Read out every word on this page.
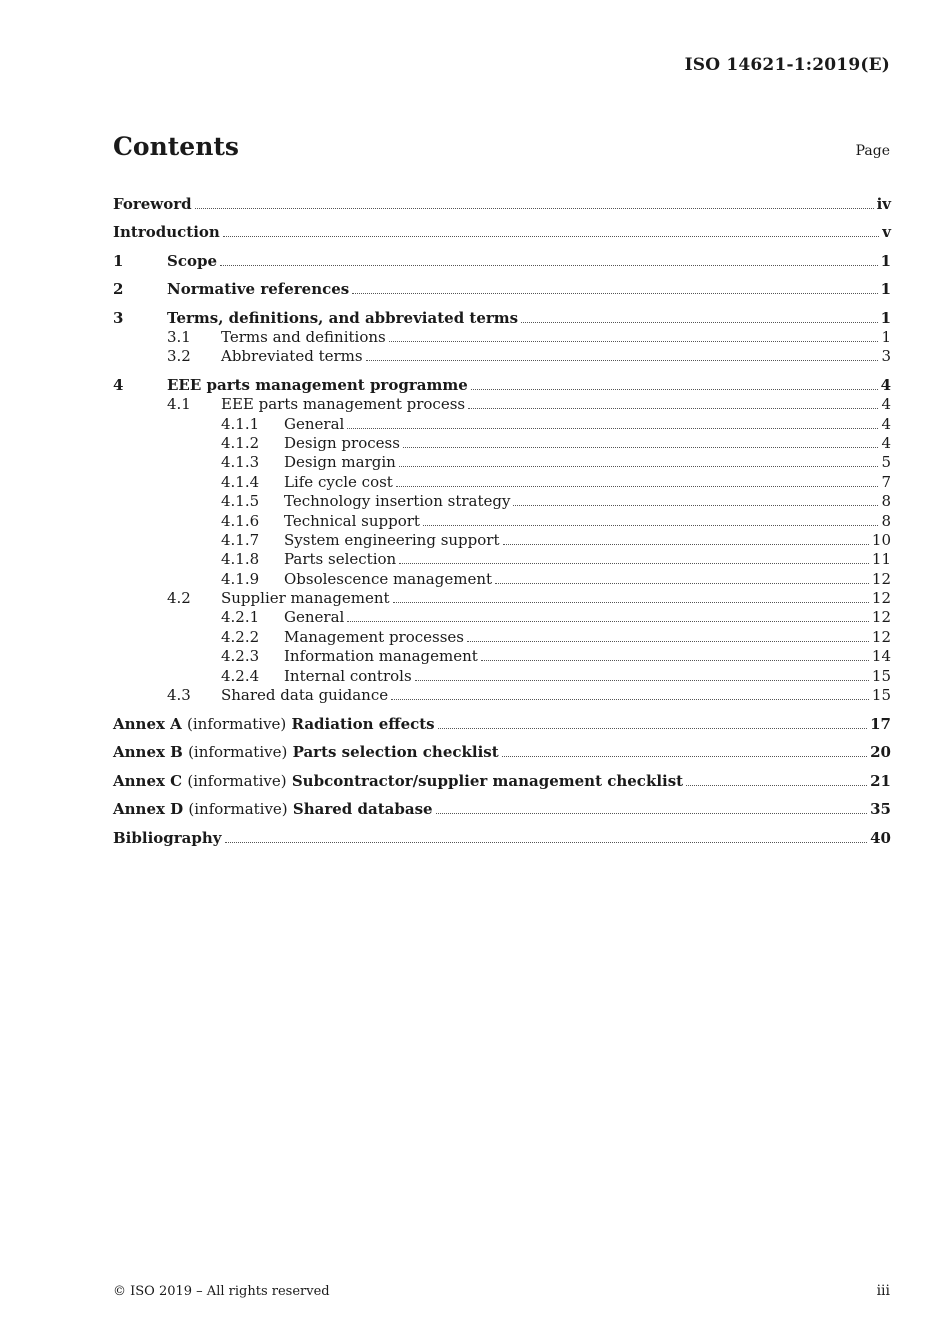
ISO 14621-1:2019(E)
Contents	Page
Foreword	iv
Introduction	v
1	Scope	1
2	Normative references	1
3	Terms, definitions, and abbreviated terms	1
3.1	Terms and definitions	1
3.2	Abbreviated terms	3
4	EEE parts management programme	4
4.1	EEE parts management process	4
4.1.1	General	4
4.1.2	Design process	4
4.1.3	Design margin	5
4.1.4	Life cycle cost	7
4.1.5	Technology insertion strategy	8
4.1.6	Technical support	8
4.1.7	System engineering support	10
4.1.8	Parts selection	11
4.1.9	Obsolescence management	12
4.2	Supplier management	12
4.2.1	General	12
4.2.2	Management processes	12
4.2.3	Information management	14
4.2.4	Internal controls	15
4.3	Shared data guidance	15
Annex A (informative) Radiation effects	17
Annex B (informative) Parts selection checklist	20
Annex C (informative) Subcontractor/supplier management checklist	21
Annex D (informative) Shared database	35
Bibliography	40
© ISO 2019 – All rights reserved	iii
